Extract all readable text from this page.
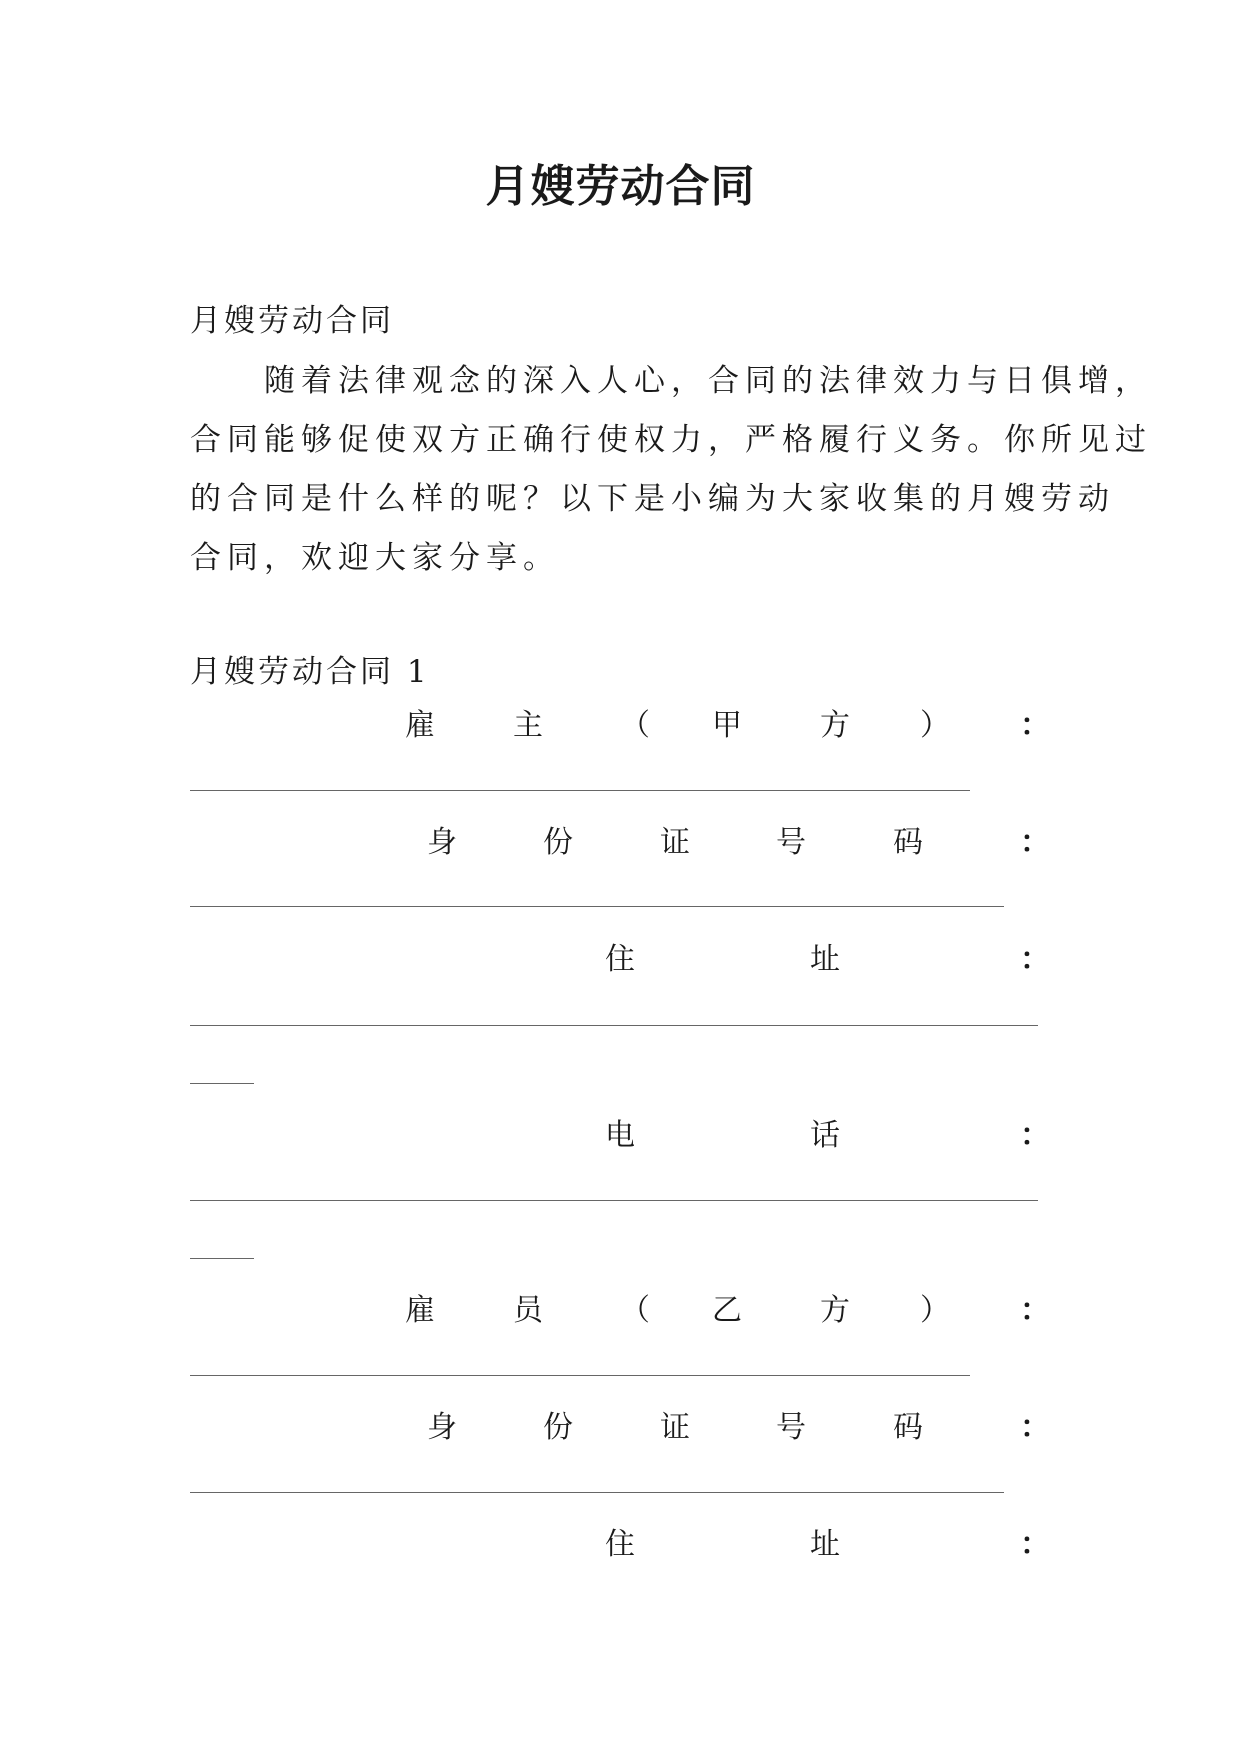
月嫂劳动合同
月嫂劳动合同
　　随着法律观念的深入人心，合同的法律效力与日俱增，
合同能够促使双方正确行使权力，严格履行义务。你所见过
的合同是什么样的呢？以下是小编为大家收集的月嫂劳动
合同，欢迎大家分享。
月嫂劳动合同 1
雇	主	（ 甲	方 ） ：
身	份	证	号	码	：
住	址	：
电	话	：
雇	员	（ 乙	方 ） ：
身	份	证	号	码	：
住	址	：
